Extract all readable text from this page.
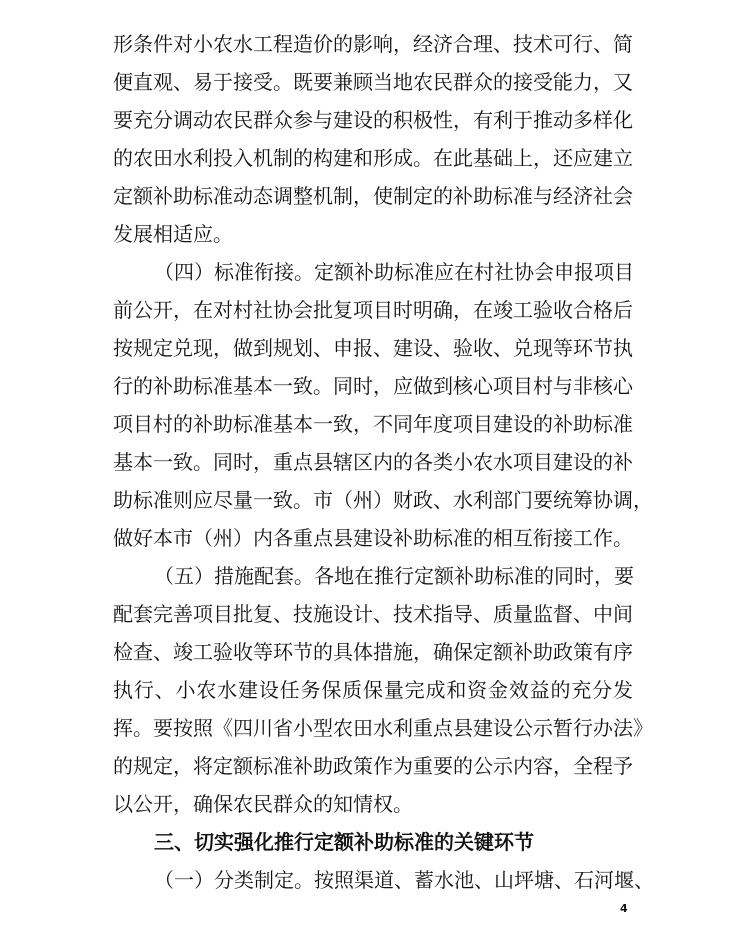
形条件对小农水工程造价的影响，经济合理、技术可行、简
便直观、易于接受。既要兼顾当地农民群众的接受能力，又
要充分调动农民群众参与建设的积极性，有利于推动多样化
的农田水利投入机制的构建和形成。在此基础上，还应建立
定额补助标准动态调整机制，使制定的补助标准与经济社会
发展相适应。
（四）标准衔接。定额补助标准应在村社协会申报项目
前公开，在对村社协会批复项目时明确，在竣工验收合格后
按规定兑现，做到规划、申报、建设、验收、兑现等环节执
行的补助标准基本一致。同时，应做到核心项目村与非核心
项目村的补助标准基本一致，不同年度项目建设的补助标准
基本一致。同时，重点县辖区内的各类小农水项目建设的补
助标准则应尽量一致。市（州）财政、水利部门要统筹协调，
做好本市（州）内各重点县建设补助标准的相互衔接工作。
（五）措施配套。各地在推行定额补助标准的同时，要
配套完善项目批复、技施设计、技术指导、质量监督、中间
检查、竣工验收等环节的具体措施，确保定额补助政策有序
执行、小农水建设任务保质保量完成和资金效益的充分发
挥。要按照《四川省小型农田水利重点县建设公示暂行办法》
的规定，将定额标准补助政策作为重要的公示内容，全程予
以公开，确保农民群众的知情权。
三、切实强化推行定额补助标准的关键环节
（一）分类制定。按照渠道、蓄水池、山坪塘、石河堰、
4
